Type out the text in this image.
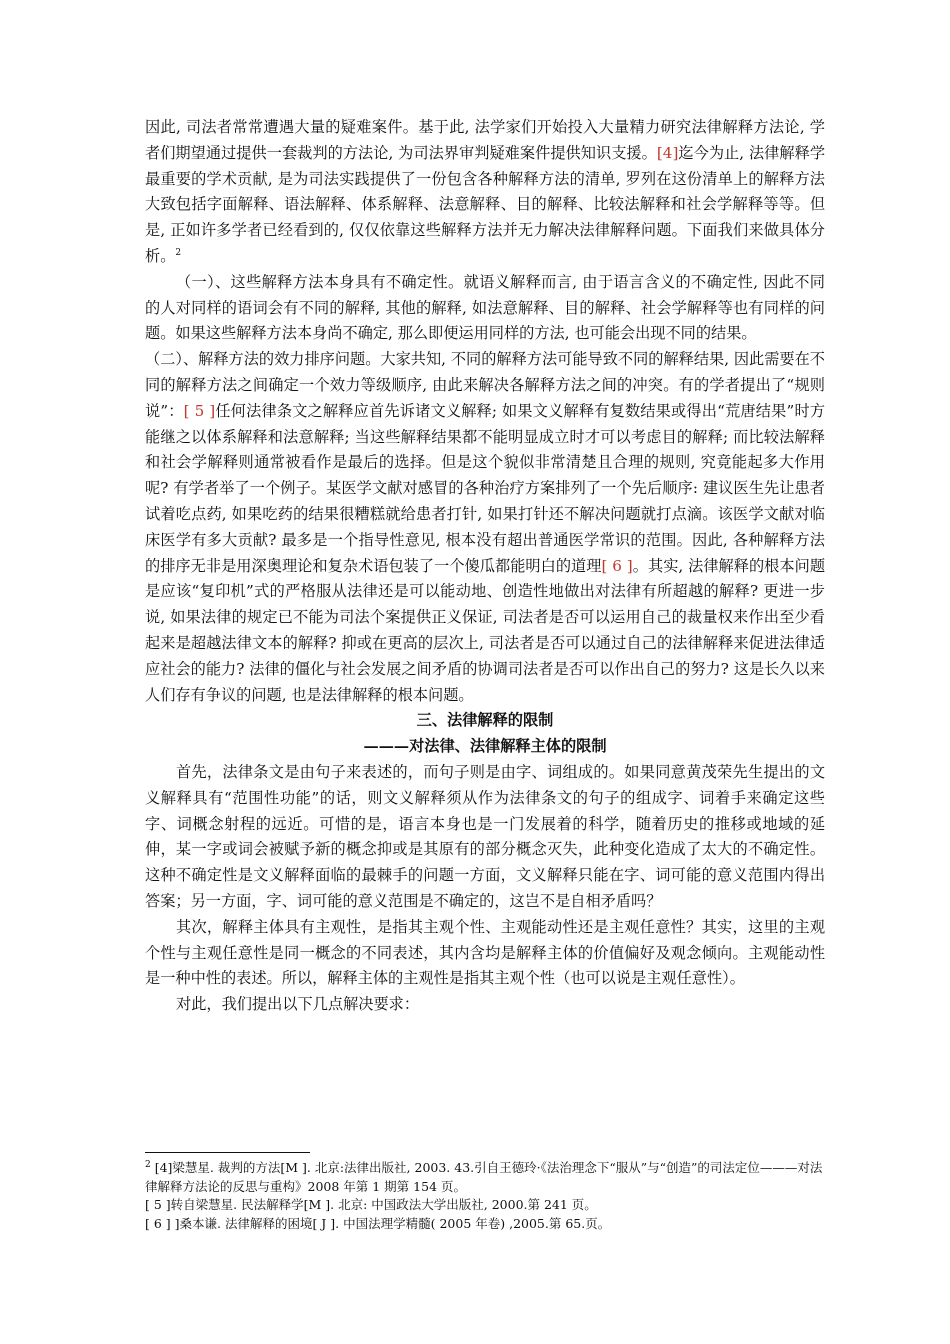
因此, 司法者常常遭遇大量的疑难案件。基于此, 法学家们开始投入大量精力研究法律解释方法论, 学者们期望通过提供一套裁判的方法论, 为司法界审判疑难案件提供知识支援。[4]迄今为止, 法律解释学最重要的学术贡献, 是为司法实践提供了一份包含各种解释方法的清单, 罗列在这份清单上的解释方法大致包括字面解释、语法解释、体系解释、法意解释、目的解释、比较法解释和社会学解释等等。但是, 正如许多学者已经看到的, 仅仅依靠这些解释方法并无力解决法律解释问题。下面我们来做具体分析。$^2$

（一）、这些解释方法本身具有不确定性。就语义解释而言, 由于语言含义的不确定性, 因此不同的人对同样的语词会有不同的解释, 其他的解释, 如法意解释、目的解释、社会学解释等也有同样的问题。如果这些解释方法本身尚不确定, 那么即便运用同样的方法, 也可能会出现不同的结果。

（二）、解释方法的效力排序问题。大家共知, 不同的解释方法可能导致不同的解释结果, 因此需要在不同的解释方法之间确定一个效力等级顺序, 由此来解决各解释方法之间的冲突。有的学者提出了“规则说”：[ 5 ]任何法律条文之解释应首先诉诸文义解释; 如果文义解释有复数结果或得出“荒唐结果”时方能继之以体系解释和法意解释; 当这些解释结果都不能明显成立时才可以考虑目的解释; 而比较法解释和社会学解释则通常被看作是最后的选择。但是这个貌似非常清楚且合理的规则, 究竟能起多大作用呢? 有学者举了一个例子。某医学文献对感冒的各种治疗方案排列了一个先后顺序: 建议医生先让患者试着吃点药, 如果吃药的结果很糟糕就给患者打针, 如果打针还不解决问题就打点滴。该医学文献对临床医学有多大贡献? 最多是一个指导性意见, 根本没有超出普通医学常识的范围。因此, 各种解释方法的排序无非是用深奥理论和复杂术语包装了一个傻瓜都能明白的道理[ 6 ]。其实, 法律解释的根本问题是应该“复印机”式的严格服从法律还是可以能动地、创造性地做出对法律有所超越的解释? 更进一步说, 如果法律的规定已不能为司法个案提供正义保证, 司法者是否可以运用自己的裁量权来作出至少看起来是超越法律文本的解释? 抑或在更高的层次上, 司法者是否可以通过自己的法律解释来促进法律适应社会的能力? 法律的僵化与社会发展之间矛盾的协调司法者是否可以作出自己的努力? 这是长久以来人们存有争议的问题, 也是法律解释的根本问题。

三、法律解释的限制

———对法律、法律解释主体的限制

首先，法律条文是由句子来表述的，而句子则是由字、词组成的。如果同意黄茂荣先生提出的文义解释具有“范围性功能”的话，则文义解释须从作为法律条文的句子的组成字、词着手来确定这些字、词概念射程的远近。可惜的是，语言本身也是一门发展着的科学，随着历史的推移或地域的延伸，某一字或词会被赋予新的概念抑或是其原有的部分概念灭失，此种变化造成了太大的不确定性。这种不确定性是文义解释面临的最棘手的问题一方面，文义解释只能在字、词可能的意义范围内得出答案；另一方面，字、词可能的意义范围是不确定的，这岂不是自相矛盾吗？

其次，解释主体具有主观性，是指其主观个性、主观能动性还是主观任意性？其实，这里的主观个性与主观任意性是同一概念的不同表述，其内含均是解释主体的价值偏好及观念倾向。主观能动性是一种中性的表述。所以，解释主体的主观性是指其主观个性（也可以说是主观任意性）。

对此，我们提出以下几点解决要求：

$^2$ [4]梁慧星. 裁判的方法[M ]. 北京:法律出版社, 2003. 43.引自王德玲·《法治理念下“服从”与“创造”的司法定位———对法律解释方法论的反思与重构》2008 年第 1 期第 154 页。

[ 5 ]转自梁慧星. 民法解释学[M ]. 北京: 中国政法大学出版社, 2000.第 241 页。

[ 6 ] ]桑本谦. 法律解释的困境[ J ]. 中国法理学精髓( 2005 年卷) ,2005.第 65.页。
